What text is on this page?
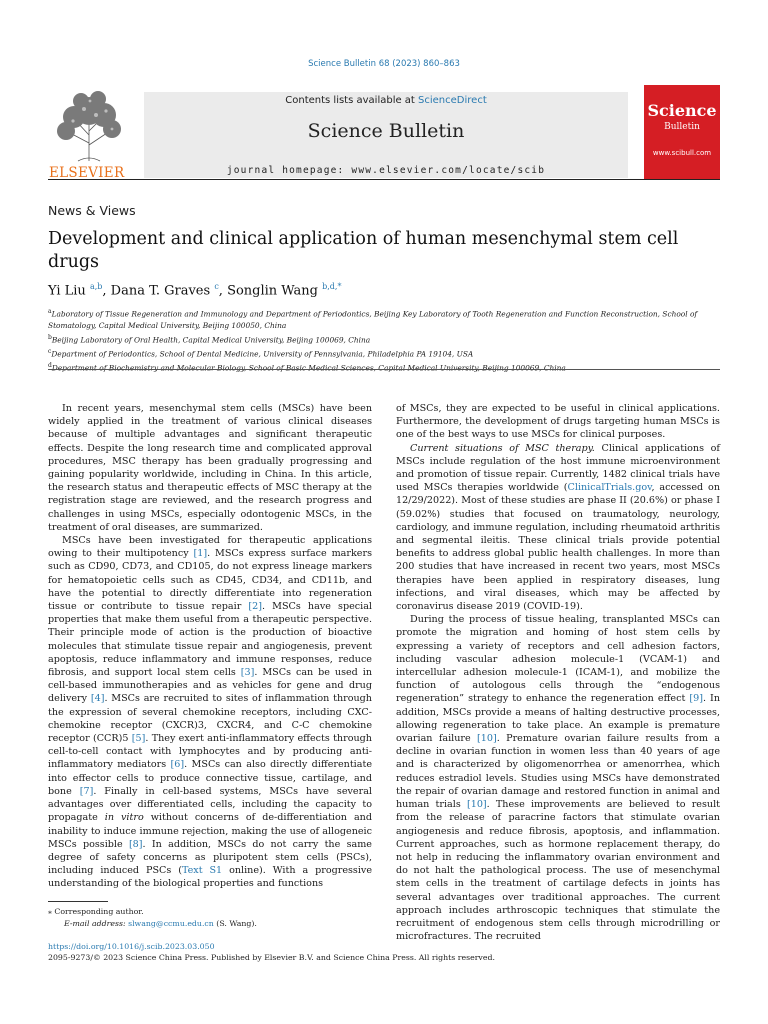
Science Bulletin 68 (2023) 860–863
ELSEVIER
Contents lists available at ScienceDirect
Science Bulletin
journal homepage: www.elsevier.com/locate/scib
Science
Bulletin
www.scibull.com
News & Views
Development and clinical application of human mesenchymal stem cell drugs
Yi Liu $^{a,b}$, Dana T. Graves $^c$, Songlin Wang $^{b,d,*}$
$^a$Laboratory of Tissue Regeneration and Immunology and Department of Periodontics, Beijing Key Laboratory of Tooth Regeneration and Function Reconstruction, School of Stomatology, Capital Medical University, Beijing 100050, China
$^b$Beijing Laboratory of Oral Health, Capital Medical University, Beijing 100069, China
$^c$Department of Periodontics, School of Dental Medicine, University of Pennsylvania, Philadelphia PA 19104, USA
$^d$Department of Biochemistry and Molecular Biology, School of Basic Medical Sciences, Capital Medical University, Beijing 100069, China

In recent years, mesenchymal stem cells (MSCs) have been widely applied in the treatment of various clinical diseases because of multiple advantages and significant therapeutic effects. Despite the long research time and complicated approval procedures, MSC therapy has been gradually progressing and gaining popularity worldwide, including in China. In this article, the research status and therapeutic effects of MSC therapy at the registration stage are reviewed, and the research progress and challenges in using MSCs, especially odontogenic MSCs, in the treatment of oral diseases, are summarized.

MSCs have been investigated for therapeutic applications owing to their multipotency [1]. MSCs express surface markers such as CD90, CD73, and CD105, do not express lineage markers for hematopoietic cells such as CD45, CD34, and CD11b, and have the potential to directly differentiate into regeneration tissue or contribute to tissue repair [2]. MSCs have special properties that make them useful from a therapeutic perspective. Their principle mode of action is the production of bioactive molecules that stimulate tissue repair and angiogenesis, prevent apoptosis, reduce inflammatory and immune responses, reduce fibrosis, and support local stem cells [3]. MSCs can be used in cell-based immunotherapies and as vehicles for gene and drug delivery [4]. MSCs are recruited to sites of inflammation through the expression of several chemokine receptors, including CXC-chemokine receptor (CXCR)3, CXCR4, and C-C chemokine receptor (CCR)5 [5]. They exert anti-inflammatory effects through cell-to-cell contact with lymphocytes and by producing anti-inflammatory mediators [6]. MSCs can also directly differentiate into effector cells to produce connective tissue, cartilage, and bone [7]. Finally in cell-based systems, MSCs have several advantages over differentiated cells, including the capacity to propagate in vitro without concerns of de-differentiation and inability to induce immune rejection, making the use of allogeneic MSCs possible [8]. In addition, MSCs do not carry the same degree of safety concerns as pluripotent stem cells (PSCs), including induced PSCs (Text S1 online). With a progressive understanding of the biological properties and functions

of MSCs, they are expected to be useful in clinical applications. Furthermore, the development of drugs targeting human MSCs is one of the best ways to use MSCs for clinical purposes.

Current situations of MSC therapy. Clinical applications of MSCs include regulation of the host immune microenvironment and promotion of tissue repair. Currently, 1482 clinical trials have used MSCs therapies worldwide (ClinicalTrials.gov, accessed on 12/29/2022). Most of these studies are phase II (20.6%) or phase I (59.02%) studies that focused on traumatology, neurology, cardiology, and immune regulation, including rheumatoid arthritis and segmental ileitis. These clinical trials provide potential benefits to address global public health challenges. In more than 200 studies that have increased in recent two years, most MSCs therapies have been applied in respiratory diseases, lung infections, and viral diseases, which may be affected by coronavirus disease 2019 (COVID-19).

During the process of tissue healing, transplanted MSCs can promote the migration and homing of host stem cells by expressing a variety of receptors and cell adhesion factors, including vascular adhesion molecule-1 (VCAM-1) and intercellular adhesion molecule-1 (ICAM-1), and mobilize the function of autologous cells through the “endogenous regeneration” strategy to enhance the regeneration effect [9]. In addition, MSCs provide a means of halting destructive processes, allowing regeneration to take place. An example is premature ovarian failure [10]. Premature ovarian failure results from a decline in ovarian function in women less than 40 years of age and is characterized by oligomenorrhea or amenorrhea, which reduces estradiol levels. Studies using MSCs have demonstrated the repair of ovarian damage and restored function in animal and human trials [10]. These improvements are believed to result from the release of paracrine factors that stimulate ovarian angiogenesis and reduce fibrosis, apoptosis, and inflammation. Current approaches, such as hormone replacement therapy, do not help in reducing the inflammatory ovarian environment and do not halt the pathological process. The use of mesenchymal stem cells in the treatment of cartilage defects in joints has several advantages over traditional approaches. The current approach includes arthroscopic techniques that stimulate the recruitment of endogenous stem cells through microdrilling or microfractures. The recruited

⁎ Corresponding author.
E-mail address: slwang@ccmu.edu.cn (S. Wang).
https://doi.org/10.1016/j.scib.2023.03.050
2095-9273/© 2023 Science China Press. Published by Elsevier B.V. and Science China Press. All rights reserved.
